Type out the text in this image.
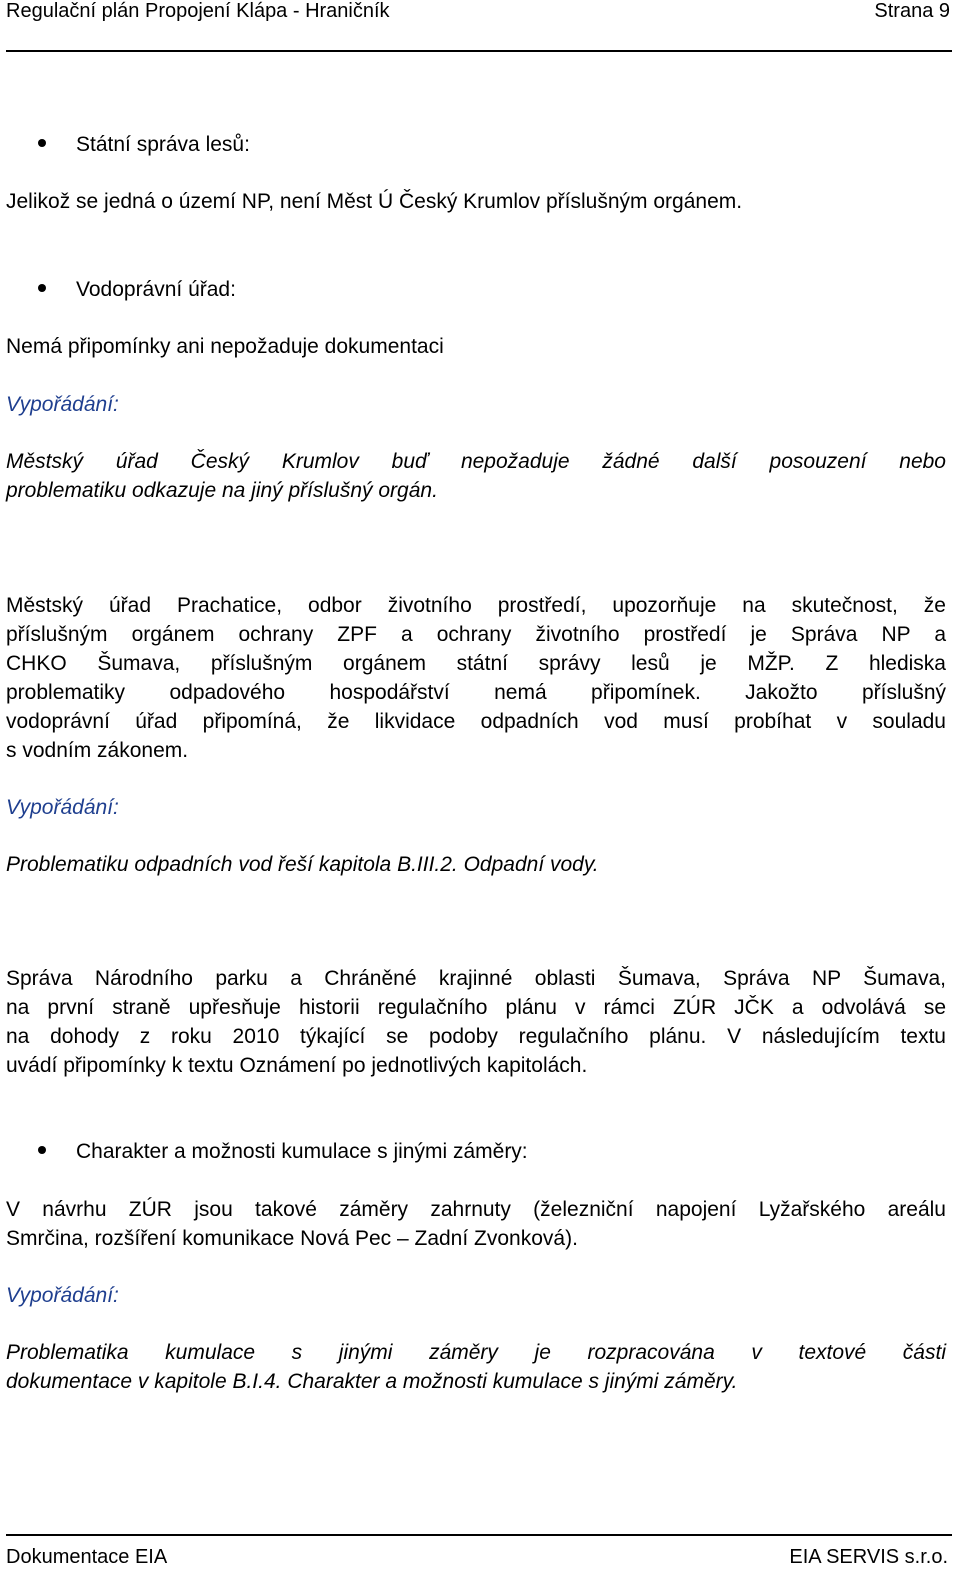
Regulační plán Propojení Klápa - Hraničník	Strana 9
Státní správa lesů:
Jelikož se jedná o území NP, není Měst Ú Český Krumlov příslušným orgánem.
Vodoprávní úřad:
Nemá připomínky ani nepožaduje dokumentaci
Vypořádání:
Městský úřad Český Krumlov buď nepožaduje žádné další posouzení nebo
problematiku odkazuje na jiný příslušný orgán.
Městský úřad Prachatice, odbor životního prostředí, upozorňuje na skutečnost, že
příslušným orgánem ochrany ZPF a ochrany životního prostředí je Správa NP a
CHKO Šumava, příslušným orgánem státní správy lesů je MŽP. Z hlediska
problematiky odpadového hospodářství nemá připomínek. Jakožto příslušný
vodoprávní úřad připomíná, že likvidace odpadních vod musí probíhat v souladu
s vodním zákonem.
Vypořádání:
Problematiku odpadních vod řeší kapitola B.III.2. Odpadní vody.
Správa Národního parku a Chráněné krajinné oblasti Šumava, Správa NP Šumava,
na první straně upřesňuje historii regulačního plánu v rámci ZÚR JČK a odvolává se
na dohody z roku 2010 týkající se podoby regulačního plánu. V následujícím textu
uvádí připomínky k textu Oznámení po jednotlivých kapitolách.
Charakter a možnosti kumulace s jinými záměry:
V návrhu ZÚR jsou takové záměry zahrnuty (železniční napojení Lyžařského areálu
Smrčina, rozšíření komunikace Nová Pec – Zadní Zvonková).
Vypořádání:
Problematika kumulace s jinými záměry je rozpracována v textové části
dokumentace v kapitole B.I.4. Charakter a možnosti kumulace s jinými záměry.
Dokumentace EIA	EIA SERVIS s.r.o.
